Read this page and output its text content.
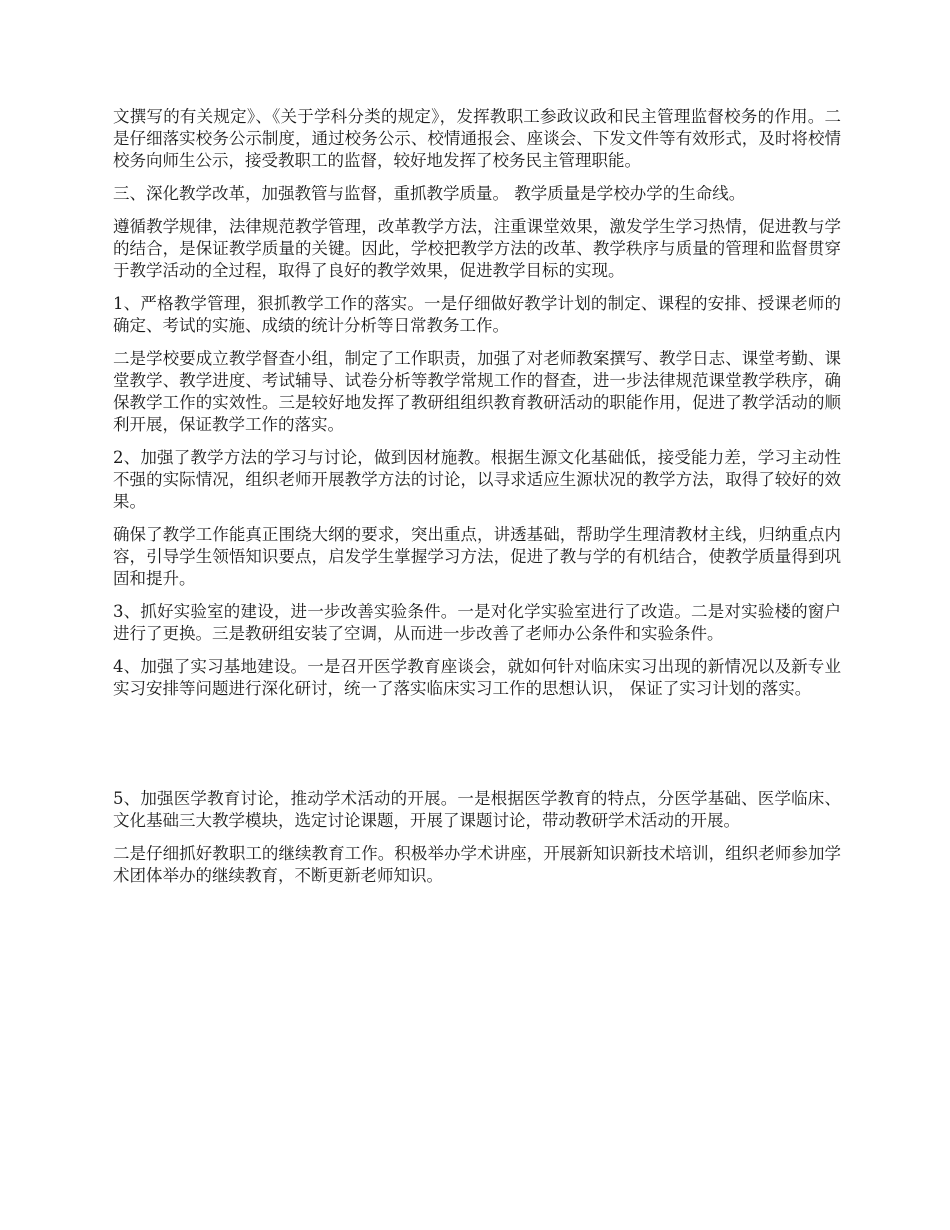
文撰写的有关规定》、《关于学科分类的规定》，发挥教职工参政议政和民主管理监督校务的作用。二是仔细落实校务公示制度，通过校务公示、校情通报会、座谈会、下发文件等有效形式，及时将校情校务向师生公示，接受教职工的监督，较好地发挥了校务民主管理职能。

三、深化教学改革，加强教管与监督，重抓教学质量。 教学质量是学校办学的生命线。

遵循教学规律，法律规范教学管理，改革教学方法，注重课堂效果，激发学生学习热情，促进教与学的结合，是保证教学质量的关键。因此，学校把教学方法的改革、教学秩序与质量的管理和监督贯穿于教学活动的全过程，取得了良好的教学效果，促进教学目标的实现。

1、严格教学管理，狠抓教学工作的落实。一是仔细做好教学计划的制定、课程的安排、授课老师的确定、考试的实施、成绩的统计分析等日常教务工作。

二是学校要成立教学督查小组，制定了工作职责，加强了对老师教案撰写、教学日志、课堂考勤、课堂教学、教学进度、考试辅导、试卷分析等教学常规工作的督查，进一步法律规范课堂教学秩序，确保教学工作的实效性。三是较好地发挥了教研组组织教育教研活动的职能作用，促进了教学活动的顺利开展，保证教学工作的落实。

2、加强了教学方法的学习与讨论，做到因材施教。根据生源文化基础低，接受能力差，学习主动性不强的实际情况，组织老师开展教学方法的讨论，以寻求适应生源状况的教学方法，取得了较好的效果。

确保了教学工作能真正围绕大纲的要求，突出重点，讲透基础，帮助学生理清教材主线，归纳重点内容，引导学生领悟知识要点，启发学生掌握学习方法，促进了教与学的有机结合，使教学质量得到巩固和提升。

3、抓好实验室的建设，进一步改善实验条件。一是对化学实验室进行了改造。二是对实验楼的窗户进行了更换。三是教研组安装了空调，从而进一步改善了老师办公条件和实验条件。

4、加强了实习基地建设。一是召开医学教育座谈会，就如何针对临床实习出现的新情况以及新专业实习安排等问题进行深化研讨，统一了落实临床实习工作的思想认识， 保证了实习计划的落实。

5、加强医学教育讨论，推动学术活动的开展。一是根据医学教育的特点，分医学基础、医学临床、文化基础三大教学模块，选定讨论课题，开展了课题讨论，带动教研学术活动的开展。

二是仔细抓好教职工的继续教育工作。积极举办学术讲座，开展新知识新技术培训，组织老师参加学术团体举办的继续教育，不断更新老师知识。
